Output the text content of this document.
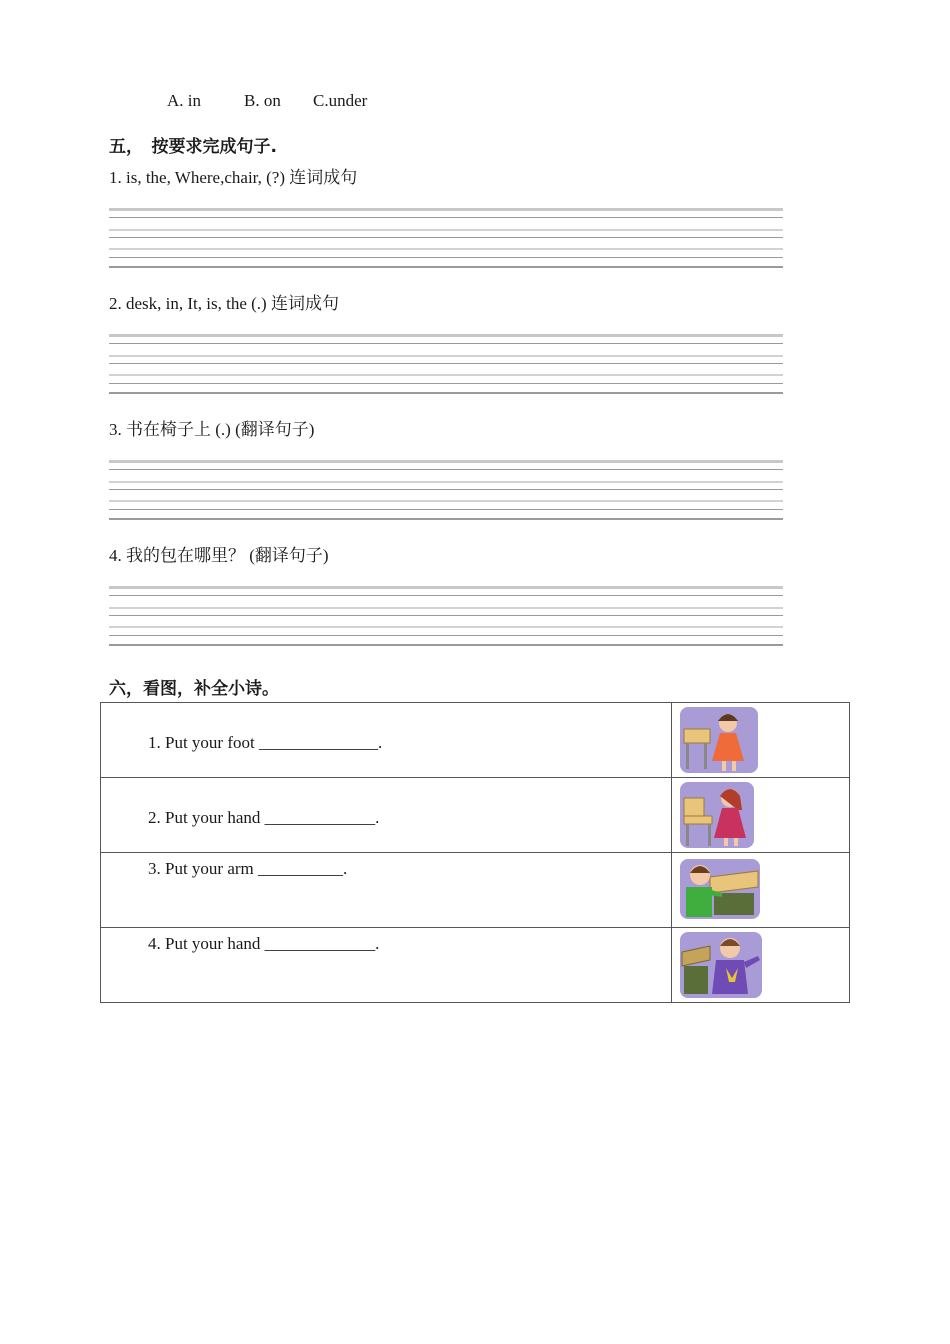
A. in	B. on C.under
五，　按要求完成句子.
1. is, the, Where,chair, (?) 连词成句
2. desk, in, It, is, the (.) 连词成句
3. 书在椅子上 (.) (翻译句子)
4. 我的包在哪里？ (翻译句子)
六，看图，补全小诗。
1. Put your foot ______________.

2. Put your hand _____________.

3. Put your arm __________.

4. Put your hand _____________.
